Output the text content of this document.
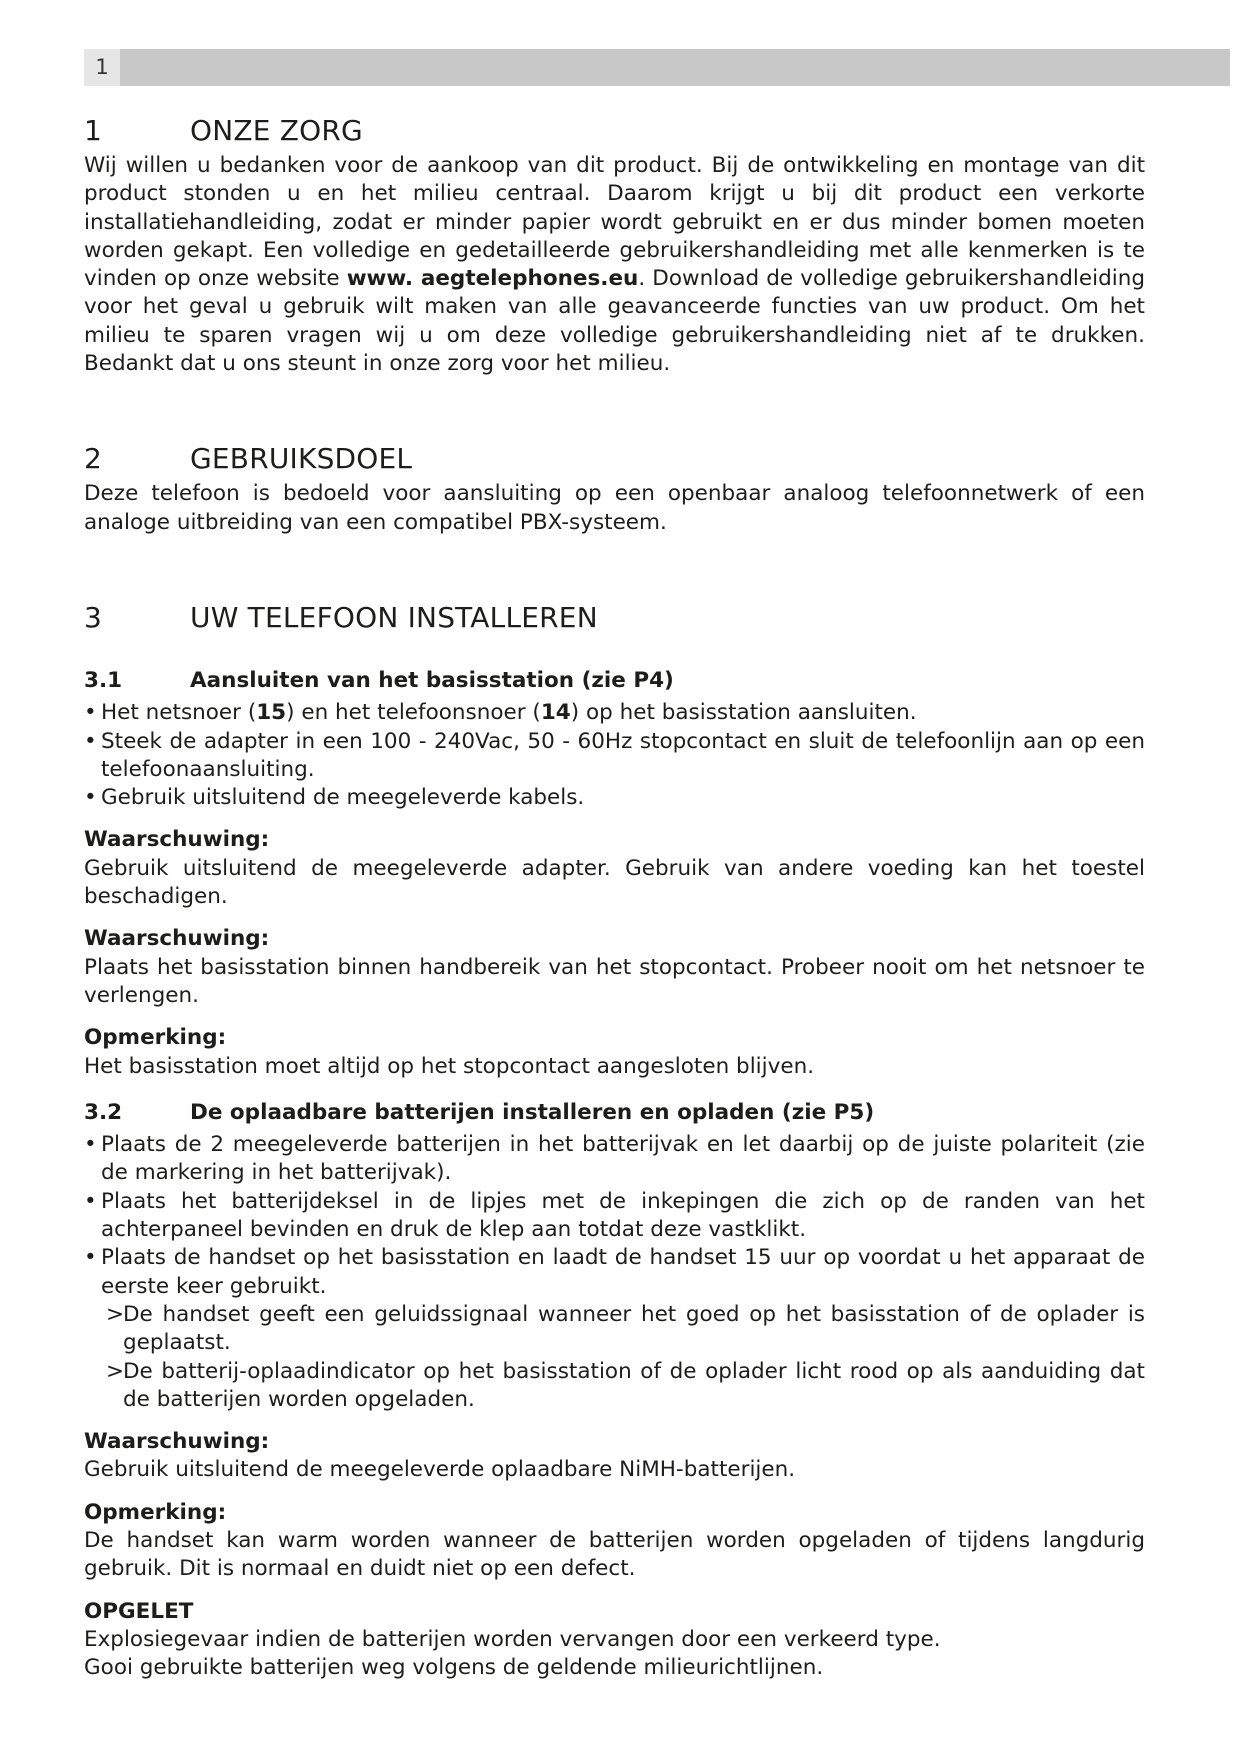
1
1	ONZE ZORG

Wij willen u bedanken voor de aankoop van dit product. Bij de ontwikkeling en montage van dit product stonden u en het milieu centraal. Daarom krijgt u bij dit product een verkorte installatiehandleiding, zodat er minder papier wordt gebruikt en er dus minder bomen moeten worden gekapt. Een volledige en gedetailleerde gebruikershandleiding met alle kenmerken is te vinden op onze website www. aegtelephones.eu. Download de volledige gebruikershandleiding voor het geval u gebruik wilt maken van alle geavanceerde functies van uw product. Om het milieu te sparen vragen wij u om deze volledige gebruikershandleiding niet af te drukken. Bedankt dat u ons steunt in onze zorg voor het milieu.

2	GEBRUIKSDOEL

Deze telefoon is bedoeld voor aansluiting op een openbaar analoog telefoonnetwerk of een analoge uitbreiding van een compatibel PBX-systeem.

3	UW TELEFOON INSTALLEREN
3.1	Aansluiten van het basisstation (zie P4)
• Het netsnoer (15) en het telefoonsnoer (14) op het basisstation aansluiten.
• Steek de adapter in een 100 - 240Vac, 50 - 60Hz stopcontact en sluit de telefoonlijn aan op een telefoonaansluiting.
• Gebruik uitsluitend de meegeleverde kabels.

Waarschuwing:

Gebruik uitsluitend de meegeleverde adapter. Gebruik van andere voeding kan het toestel beschadigen.

Waarschuwing:

Plaats het basisstation binnen handbereik van het stopcontact. Probeer nooit om het netsnoer te verlengen.

Opmerking:

Het basisstation moet altijd op het stopcontact aangesloten blijven.

3.2	De oplaadbare batterijen installeren en opladen (zie P5)
• Plaats de 2 meegeleverde batterijen in het batterijvak en let daarbij op de juiste polariteit (zie de markering in het batterijvak).
• Plaats het batterijdeksel in de lipjes met de inkepingen die zich op de randen van het achterpaneel bevinden en druk de klep aan totdat deze vastklikt.
• Plaats de handset op het basisstation en laadt de handset 15 uur op voordat u het apparaat de eerste keer gebruikt.
>
De handset geeft een geluidssignaal wanneer het goed op het basisstation of de oplader is geplaatst.
>
De batterij-oplaadindicator op het basisstation of de oplader licht rood op als aanduiding dat de batterijen worden opgeladen.

Waarschuwing:

Gebruik uitsluitend de meegeleverde oplaadbare NiMH-batterijen.

Opmerking:

De handset kan warm worden wanneer de batterijen worden opgeladen of tijdens langdurig gebruik. Dit is normaal en duidt niet op een defect.

OPGELET

Explosiegevaar indien de batterijen worden vervangen door een verkeerd type.

Gooi gebruikte batterijen weg volgens de geldende milieurichtlijnen.
